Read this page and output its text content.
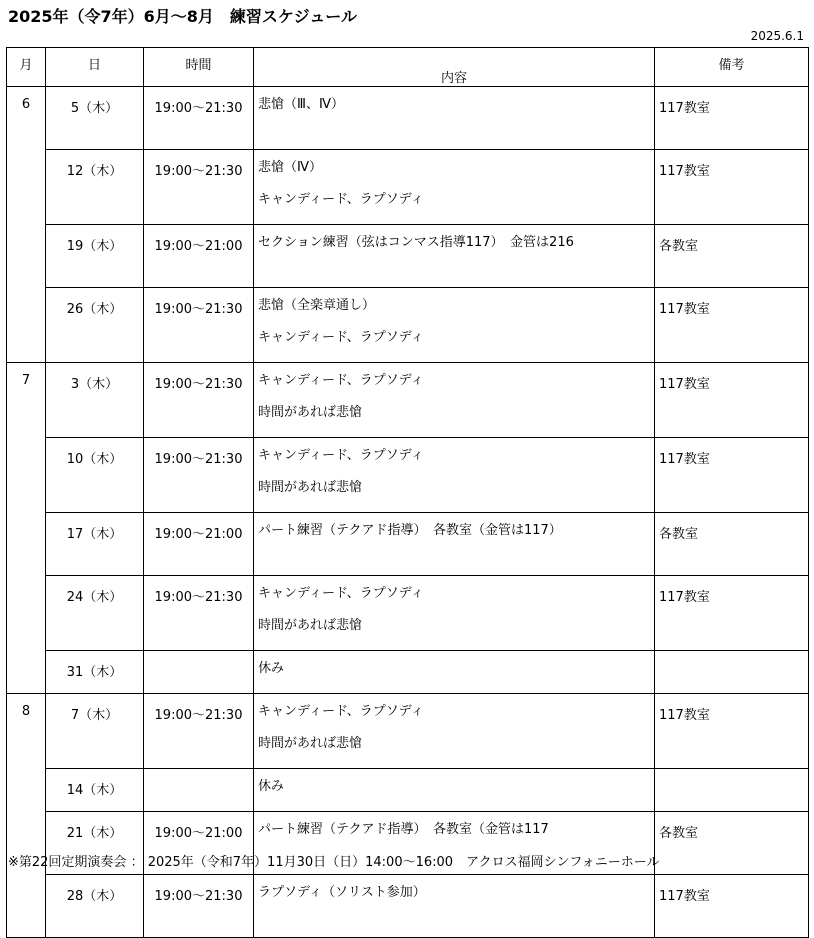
2025年（令7年）6月～8月　練習スケジュール
2025.6.1
月	日	時間	内容	備考
6	5（木）	19:00～21:30	悲愴（Ⅲ、Ⅳ）	117教室
	12（木）	19:00～21:30	悲愴（Ⅳ）
キャンディード、ラプソディ	117教室
	19（木）	19:00～21:00	セクション練習（弦はコンマス指導117）　金管は216	各教室
	26（木）	19:00～21:30	悲愴（全楽章通し）
キャンディード、ラプソディ	117教室
7	3（木）	19:00～21:30	キャンディード、ラプソディ
時間があれば悲愴	117教室
	10（木）	19:00～21:30	キャンディード、ラプソディ
時間があれば悲愴	117教室
	17（木）	19:00～21:00	パート練習（テクアド指導）　各教室（金管は117）	各教室
	24（木）	19:00～21:30	キャンディード、ラプソディ
時間があれば悲愴	117教室
	31（木）		休み	

8	7（木）	19:00～21:30	キャンディード、ラプソディ
時間があれば悲愴	117教室
	14（木）		休み	

	21（木）	19:00～21:00	パート練習（テクアド指導）　各教室（金管は117	各教室
	28（木）	19:00～21:30	ラプソディ（ソリスト参加）	117教室
※第22回定期演奏会 ： 2025年（令和7年）11月30日（日）14:00～16:00　アクロス福岡シンフォニーホール
